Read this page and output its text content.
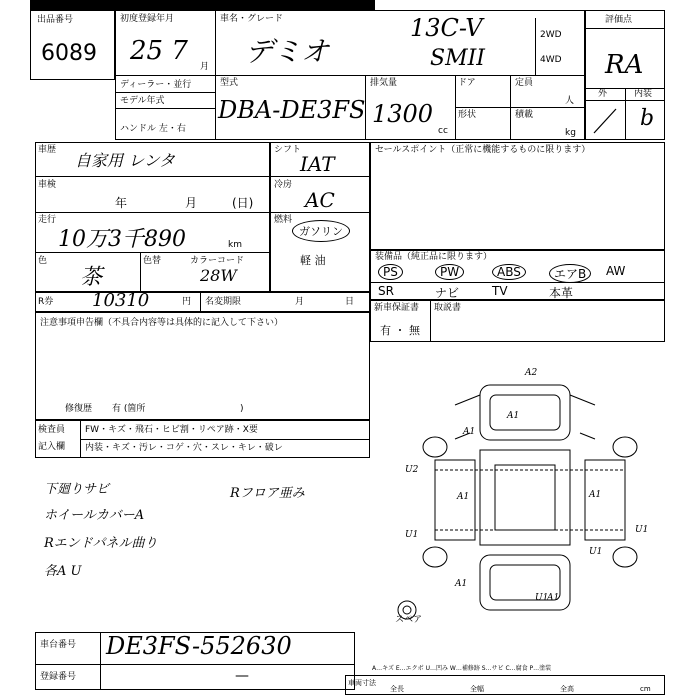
出品番号
6089
初度登録年月
25 7
月
ディーラー・並行
モデル年式
ハンドル 左・右
車名・グレード
デミオ
13C-V
SMII
2WD
4WD
型式
DBA-DE3FS
排気量
1300
cc
ドア
形状
定員
人
積載
kg
評価点
RA
外	内装
b
車歴
自家用 レンタ
車検
年	月	(日)
走行
10万3千890	km
色
茶
色替	カラーコード
28W
シフト
IAT
冷房
AC
燃料
ガソリン
軽 油
R券 10310	円 名変期限	月	日
セールスポイント（正常に機能するものに限ります）
装備品（純正品に限ります）
PS	PW	ABS	エアB	AW
SR	ナビ	TV	本革
新車保証書 取説書
有 ・ 無
注意事項申告欄（不具合内容等は具体的に記入して下さい）
修復歴 有 (箇所	)
検査員
記入欄
FW・キズ・飛石・ヒビ割・リペア跡・X要
内装・キズ・汚レ・コゲ・穴・スレ・キレ・破レ
下廻りサビ
ホイールカバーA
Rエンドパネル曲り
各A U
Rフロア亜み
A2
A1
A1
U2
A1	A1
U1	U1
A1
U1
U1
A1
スペア
車台番号 DE3FS-552630
登録番号	—	A…キズ E…エクボ U…凹み W…補修跡 S…サビ C…腐食 P…塗装
車両寸法
全長	全幅	全高	cm
